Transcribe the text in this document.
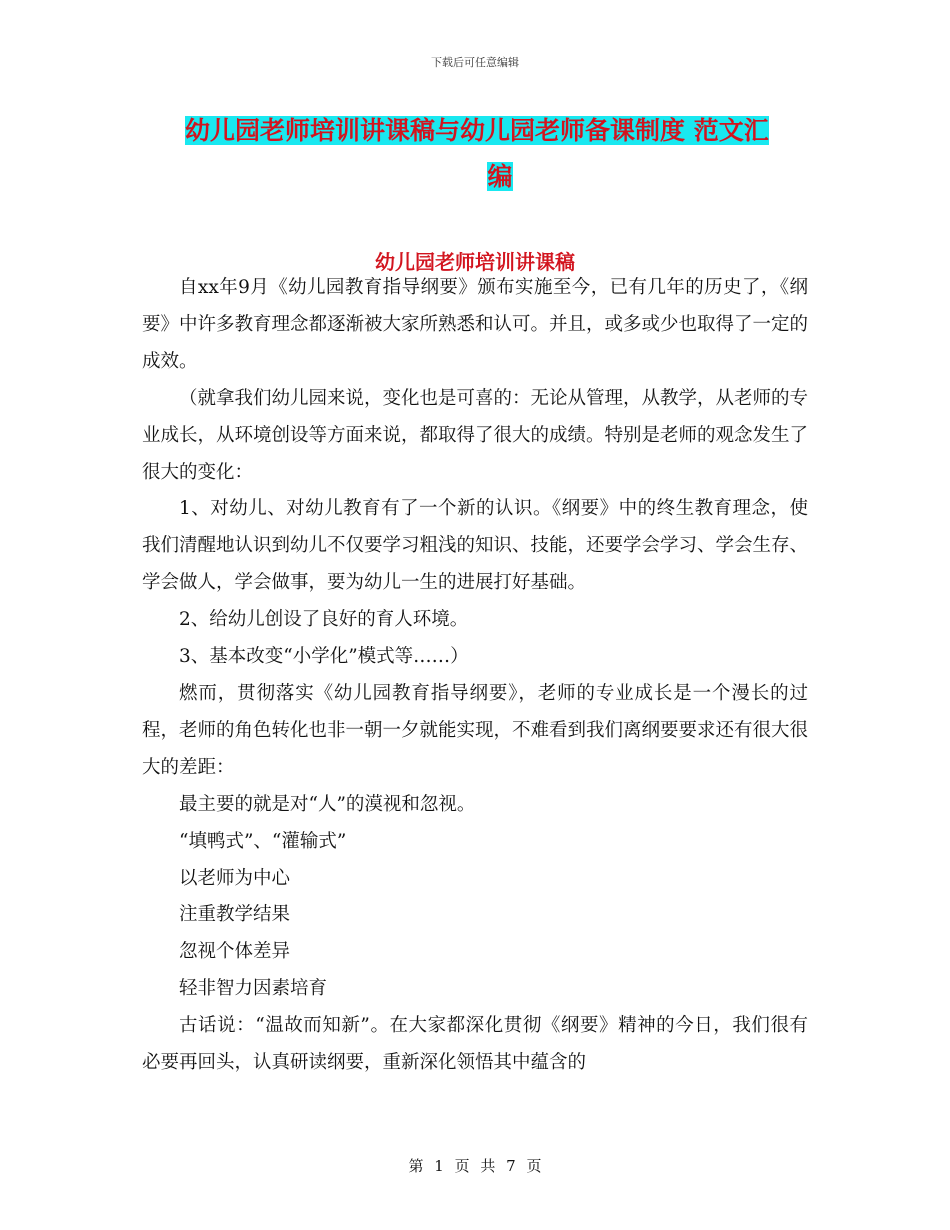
下载后可任意编辑
幼儿园老师培训讲课稿与幼儿园老师备课制度 范文汇
编
幼儿园老师培训讲课稿

自xx年9月《幼儿园教育指导纲要》颁布实施至今，已有几年的历史了，《纲要》中许多教育理念都逐渐被大家所熟悉和认可。并且，或多或少也取得了一定的成效。

（就拿我们幼儿园来说，变化也是可喜的：无论从管理，从教学，从老师的专业成长，从环境创设等方面来说，都取得了很大的成绩。特别是老师的观念发生了很大的变化：

1、对幼儿、对幼儿教育有了一个新的认识。《纲要》中的终生教育理念，使我们清醒地认识到幼儿不仅要学习粗浅的知识、技能，还要学会学习、学会生存、学会做人，学会做事，要为幼儿一生的进展打好基础。

2、给幼儿创设了良好的育人环境。

3、基本改变“小学化”模式等……）

燃而，贯彻落实《幼儿园教育指导纲要》，老师的专业成长是一个漫长的过程，老师的角色转化也非一朝一夕就能实现，不难看到我们离纲要要求还有很大很大的差距：

最主要的就是对“人”的漠视和忽视。

“填鸭式”、“灌输式”

以老师为中心

注重教学结果

忽视个体差异

轻非智力因素培育

古话说：“温故而知新”。在大家都深化贯彻《纲要》精神的今日，我们很有必要再回头，认真研读纲要，重新深化领悟其中蕴含的

第 1 页 共 7 页
